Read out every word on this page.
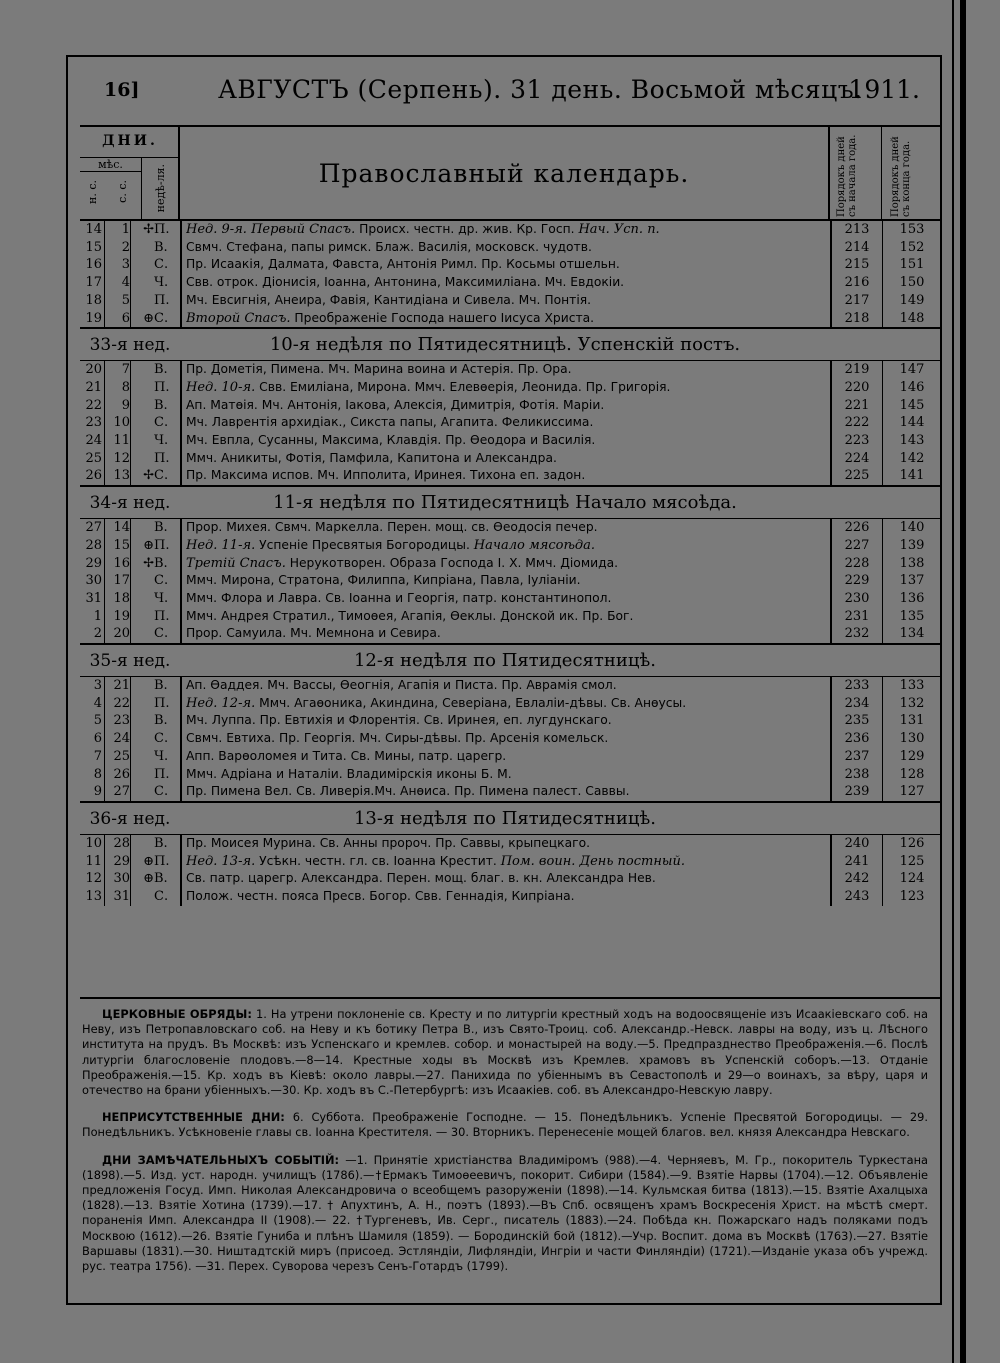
16]	АВГУСТЪ (Серпень). 31 день. Восьмой мѣсяцъ.
1911.
ДНИ.
мѣс.
н. с. с. с. недѣ-ля.	Православный календарь.	Порядокъ дней съ начала года.	Порядокъ дней съ конца года.
14	1	✢ П.	Нед. 9-я. Первый Спасъ. Происх. честн. др. жив. Кр. Госп. Нач. Усп. п.	213	153
15	2 В.	Свмч. Стефана, папы римск. Блаж. Василія, московск. чудотв.	214	152
16	3 С.	Пр. Исаакія, Далмата, Фавста, Антонія Римл. Пр. Косьмы отшельн.	215	151
17	4 Ч.	Свв. отрок. Діонисія, Іоанна, Антонина, Максимиліана. Мч. Евдокіи.	216	150
18	5 П.	Мч. Евсигнія, Анеира, Фавія, Кантидіана и Сивела. Мч. Понтія.	217	149
19	6	⊕ С.	Второй Спасъ. Преображеніе Господа нашего Іисуса Христа.	218	148
33-я нед.	10-я недѣля по Пятидесятницѣ. Успенскій постъ.
20	7 В.	Пр. Дометія, Пимена. Мч. Марина воина и Астерія. Пр. Ора.	219	147
21	8 П.	Нед. 10-я. Свв. Емиліана, Мирона. Ммч. Елевѳерія, Леонида. Пр. Григорія.	220	146
22	9 В.	Ап. Матѳія. Мч. Антонія, Іакова, Алексія, Димитрія, Фотія. Маріи.	221	145
23 10 С.	Мч. Лаврентія архидіак., Сикста папы, Агапита. Феликиссима.	222	144
24 11 Ч.	Мч. Евпла, Сусанны, Максима, Клавдія. Пр. Ѳеодора и Василія.	223	143
25 12 П.	Ммч. Аникиты, Фотія, Памфила, Капитона и Александра.	224	142
26 13	✢ С.	Пр. Максима испов. Мч. Ипполита, Иринея. Тихона еп. задон.	225	141
34-я нед.	11-я недѣля по Пятидесятницѣ Начало мясоѣда.
27 14 В.	Прор. Михея. Свмч. Маркелла. Перен. мощ. св. Ѳеодосія печер.	226	140
28 15	⊕ П.	Нед. 11-я. Успеніе Пресвятыя Богородицы. Начало мясоѣда.	227	139
29 16	✢ В.	Третій Спасъ. Нерукотворен. Образа Господа І. Х. Ммч. Діомида.	228	138
30 17 С.	Ммч. Мирона, Стратона, Филиппа, Кипріана, Павла, Іуліаніи.	229	137
31 18 Ч.	Ммч. Флора и Лавра. Св. Іоанна и Георгія, патр. константинопол.	230	136
1 19 П.	Ммч. Андрея Стратил., Тимоѳея, Агапія, Ѳеклы. Донской ик. Пр. Бог.	231	135
2 20 С.	Прор. Самуила. Мч. Мемнона и Севира.	232	134
35-я нед.	12-я недѣля по Пятидесятницѣ.
3 21 В.	Ап. Ѳаддея. Мч. Вассы, Ѳеогнія, Агапія и Писта. Пр. Аврамія смол.	233	133
4 22 П.	Нед. 12-я. Ммч. Агаѳоника, Акиндина, Северіана, Евлаліи-дѣвы. Св. Анѳусы.	234	132
5 23 В.	Мч. Луппа. Пр. Евтихія и Флорентія. Св. Иринея, еп. лугдунскаго.	235	131
6 24 С.	Свмч. Евтиха. Пр. Георгія. Мч. Сиры-дѣвы. Пр. Арсенія комельск.	236	130
7 25 Ч.	Апп. Варѳоломея и Тита. Св. Мины, патр. царегр.	237	129
8 26 П.	Ммч. Адріана и Наталіи. Владимірскія иконы Б. М.	238	128
9 27 С.	Пр. Пимена Вел. Св. Ливерія.Мч. Анѳиса. Пр. Пимена палест. Саввы.	239	127
36-я нед.	13-я недѣля по Пятидесятницѣ.
10 28 В.	Пр. Моисея Мурина. Св. Анны пророч. Пр. Саввы, крыпецкаго.	240	126
11 29	⊕ П.	Нед. 13-я. Усѣкн. честн. гл. св. Іоанна Крестит. Пом. воин. День постный.	241	125
12 30	⊕ В.	Св. патр. царегр. Александра. Перен. мощ. благ. в. кн. Александра Нев.	242	124
13 31 С.	Полож. честн. пояса Пресв. Богор. Свв. Геннадія, Кипріана.	243	123

ЦЕРКОВНЫЕ ОБРЯДЫ: 1. На утрени поклоненіе св. Кресту и по литургіи крестный ходъ на водоосвященіе изъ Исаакіевскаго соб. на Неву, изъ Петропавловскаго соб. на Неву и къ ботику Петра В., изъ Свято-Троиц. соб. Александр.-Невск. лавры на воду, изъ ц. Лѣсного института на прудъ. Въ Москвѣ: изъ Успенскаго и кремлев. собор. и монастырей на воду.—5. Предпразднество Преображенія.—6. Послѣ литургіи благословеніе плодовъ.—8—14. Крестные ходы въ Москвѣ изъ Кремлев. храмовъ въ Успенскій соборъ.—13. Отданіе Преображенія.—15. Кр. ходъ въ Кіевѣ: около лавры.—27. Панихида по убіеннымъ въ Севастополѣ и 29—о воинахъ, за вѣру, царя и отечество на брани убіенныхъ.—30. Кр. ходъ въ С.-Петербургѣ: изъ Исаакіев. соб. въ Александро-Невскую лавру.

НЕПРИСУТСТВЕННЫЕ ДНИ: 6. Суббота. Преображеніе Господне. — 15. Понедѣльникъ. Успеніе Пресвятой Богородицы. — 29. Понедѣльникъ. Усѣкновеніе главы св. Іоанна Крестителя. — 30. Вторникъ. Перенесеніе мощей благов. вел. князя Александра Невскаго.

ДНИ ЗАМѢЧАТЕЛЬНЫХЪ СОБЫТІЙ: —1. Принятіе христіанства Владиміромъ (988).—4. Черняевъ, М. Гр., покоритель Туркестана (1898).—5. Изд. уст. народн. училищъ (1786).—†Ермакъ Тимоѳеевичъ, покорит. Сибири (1584).—9. Взятіе Нарвы (1704).—12. Объявленіе предложенія Госуд. Имп. Николая Александровича о всеобщемъ разоруженіи (1898).—14. Кульмская битва (1813).—15. Взятіе Ахалцыха (1828).—13. Взятіе Хотина (1739).—17. † Апухтинъ, А. Н., поэтъ (1893).—Въ Спб. освященъ храмъ Воскресенія Христ. на мѣстѣ смерт. пораненія Имп. Александра II (1908).— 22. †Тургеневъ, Ив. Серг., писатель (1883).—24. Побѣда кн. Пожарскаго надъ поляками подъ Москвою (1612).—26. Взятіе Гуниба и плѣнъ Шамиля (1859). — Бородинскій бой (1812).—Учр. Воспит. дома въ Москвѣ (1763).—27. Взятіе Варшавы (1831).—30. Ништадтскій миръ (присоед. Эстляндіи, Лифляндіи, Ингріи и части Финляндіи) (1721).—Изданіе указа объ учрежд. рус. театра 1756). —31. Перех. Суворова черезъ Сенъ-Готардъ (1799).
